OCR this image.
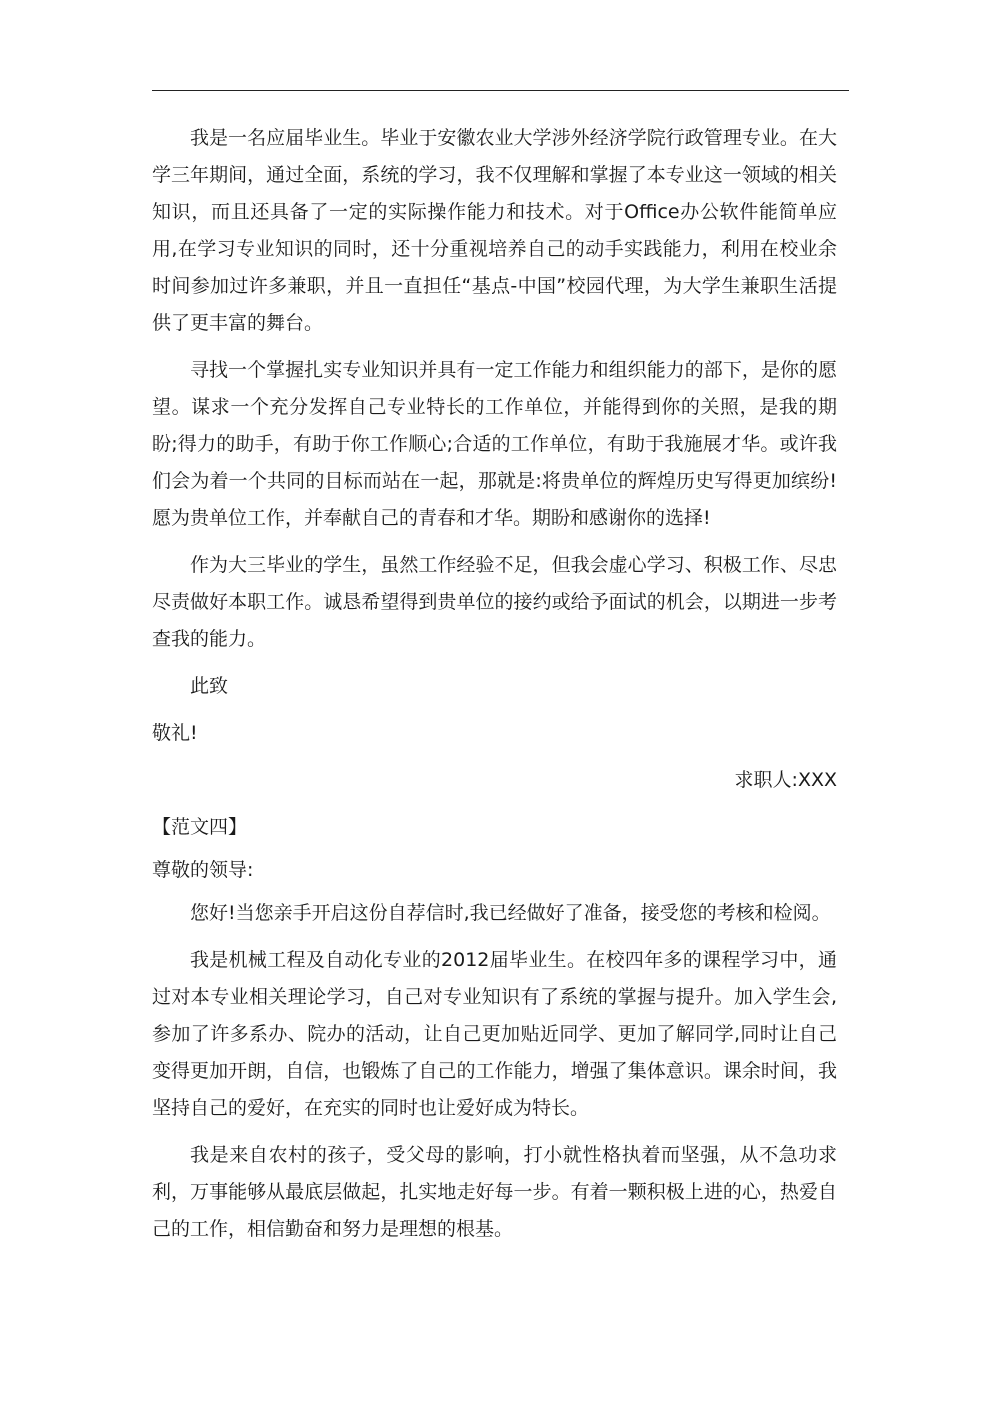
我是一名应届毕业生。毕业于安徽农业大学涉外经济学院行政管理专业。在大学三年期间，通过全面，系统的学习，我不仅理解和掌握了本专业这一领域的相关知识，而且还具备了一定的实际操作能力和技术。对于Office办公软件能简单应用,在学习专业知识的同时，还十分重视培养自己的动手实践能力，利用在校业余时间参加过许多兼职，并且一直担任“基点-中国”校园代理，为大学生兼职生活提供了更丰富的舞台。

寻找一个掌握扎实专业知识并具有一定工作能力和组织能力的部下，是你的愿望。谋求一个充分发挥自己专业特长的工作单位，并能得到你的关照，是我的期盼;得力的助手，有助于你工作顺心;合适的工作单位，有助于我施展才华。或许我们会为着一个共同的目标而站在一起，那就是:将贵单位的辉煌历史写得更加缤纷!愿为贵单位工作，并奉献自己的青春和才华。期盼和感谢你的选择!

作为大三毕业的学生，虽然工作经验不足，但我会虚心学习、积极工作、尽忠尽责做好本职工作。诚恳希望得到贵单位的接约或给予面试的机会，以期进一步考查我的能力。

此致

敬礼!

求职人:XXX

【范文四】

尊敬的领导:

您好!当您亲手开启这份自荐信时,我已经做好了准备，接受您的考核和检阅。

我是机械工程及自动化专业的2012届毕业生。在校四年多的课程学习中，通过对本专业相关理论学习，自己对专业知识有了系统的掌握与提升。加入学生会,参加了许多系办、院办的活动，让自己更加贴近同学、更加了解同学,同时让自己变得更加开朗，自信，也锻炼了自己的工作能力，增强了集体意识。课余时间，我坚持自己的爱好，在充实的同时也让爱好成为特长。

我是来自农村的孩子，受父母的影响，打小就性格执着而坚强，从不急功求利，万事能够从最底层做起，扎实地走好每一步。有着一颗积极上进的心，热爱自己的工作，相信勤奋和努力是理想的根基。
